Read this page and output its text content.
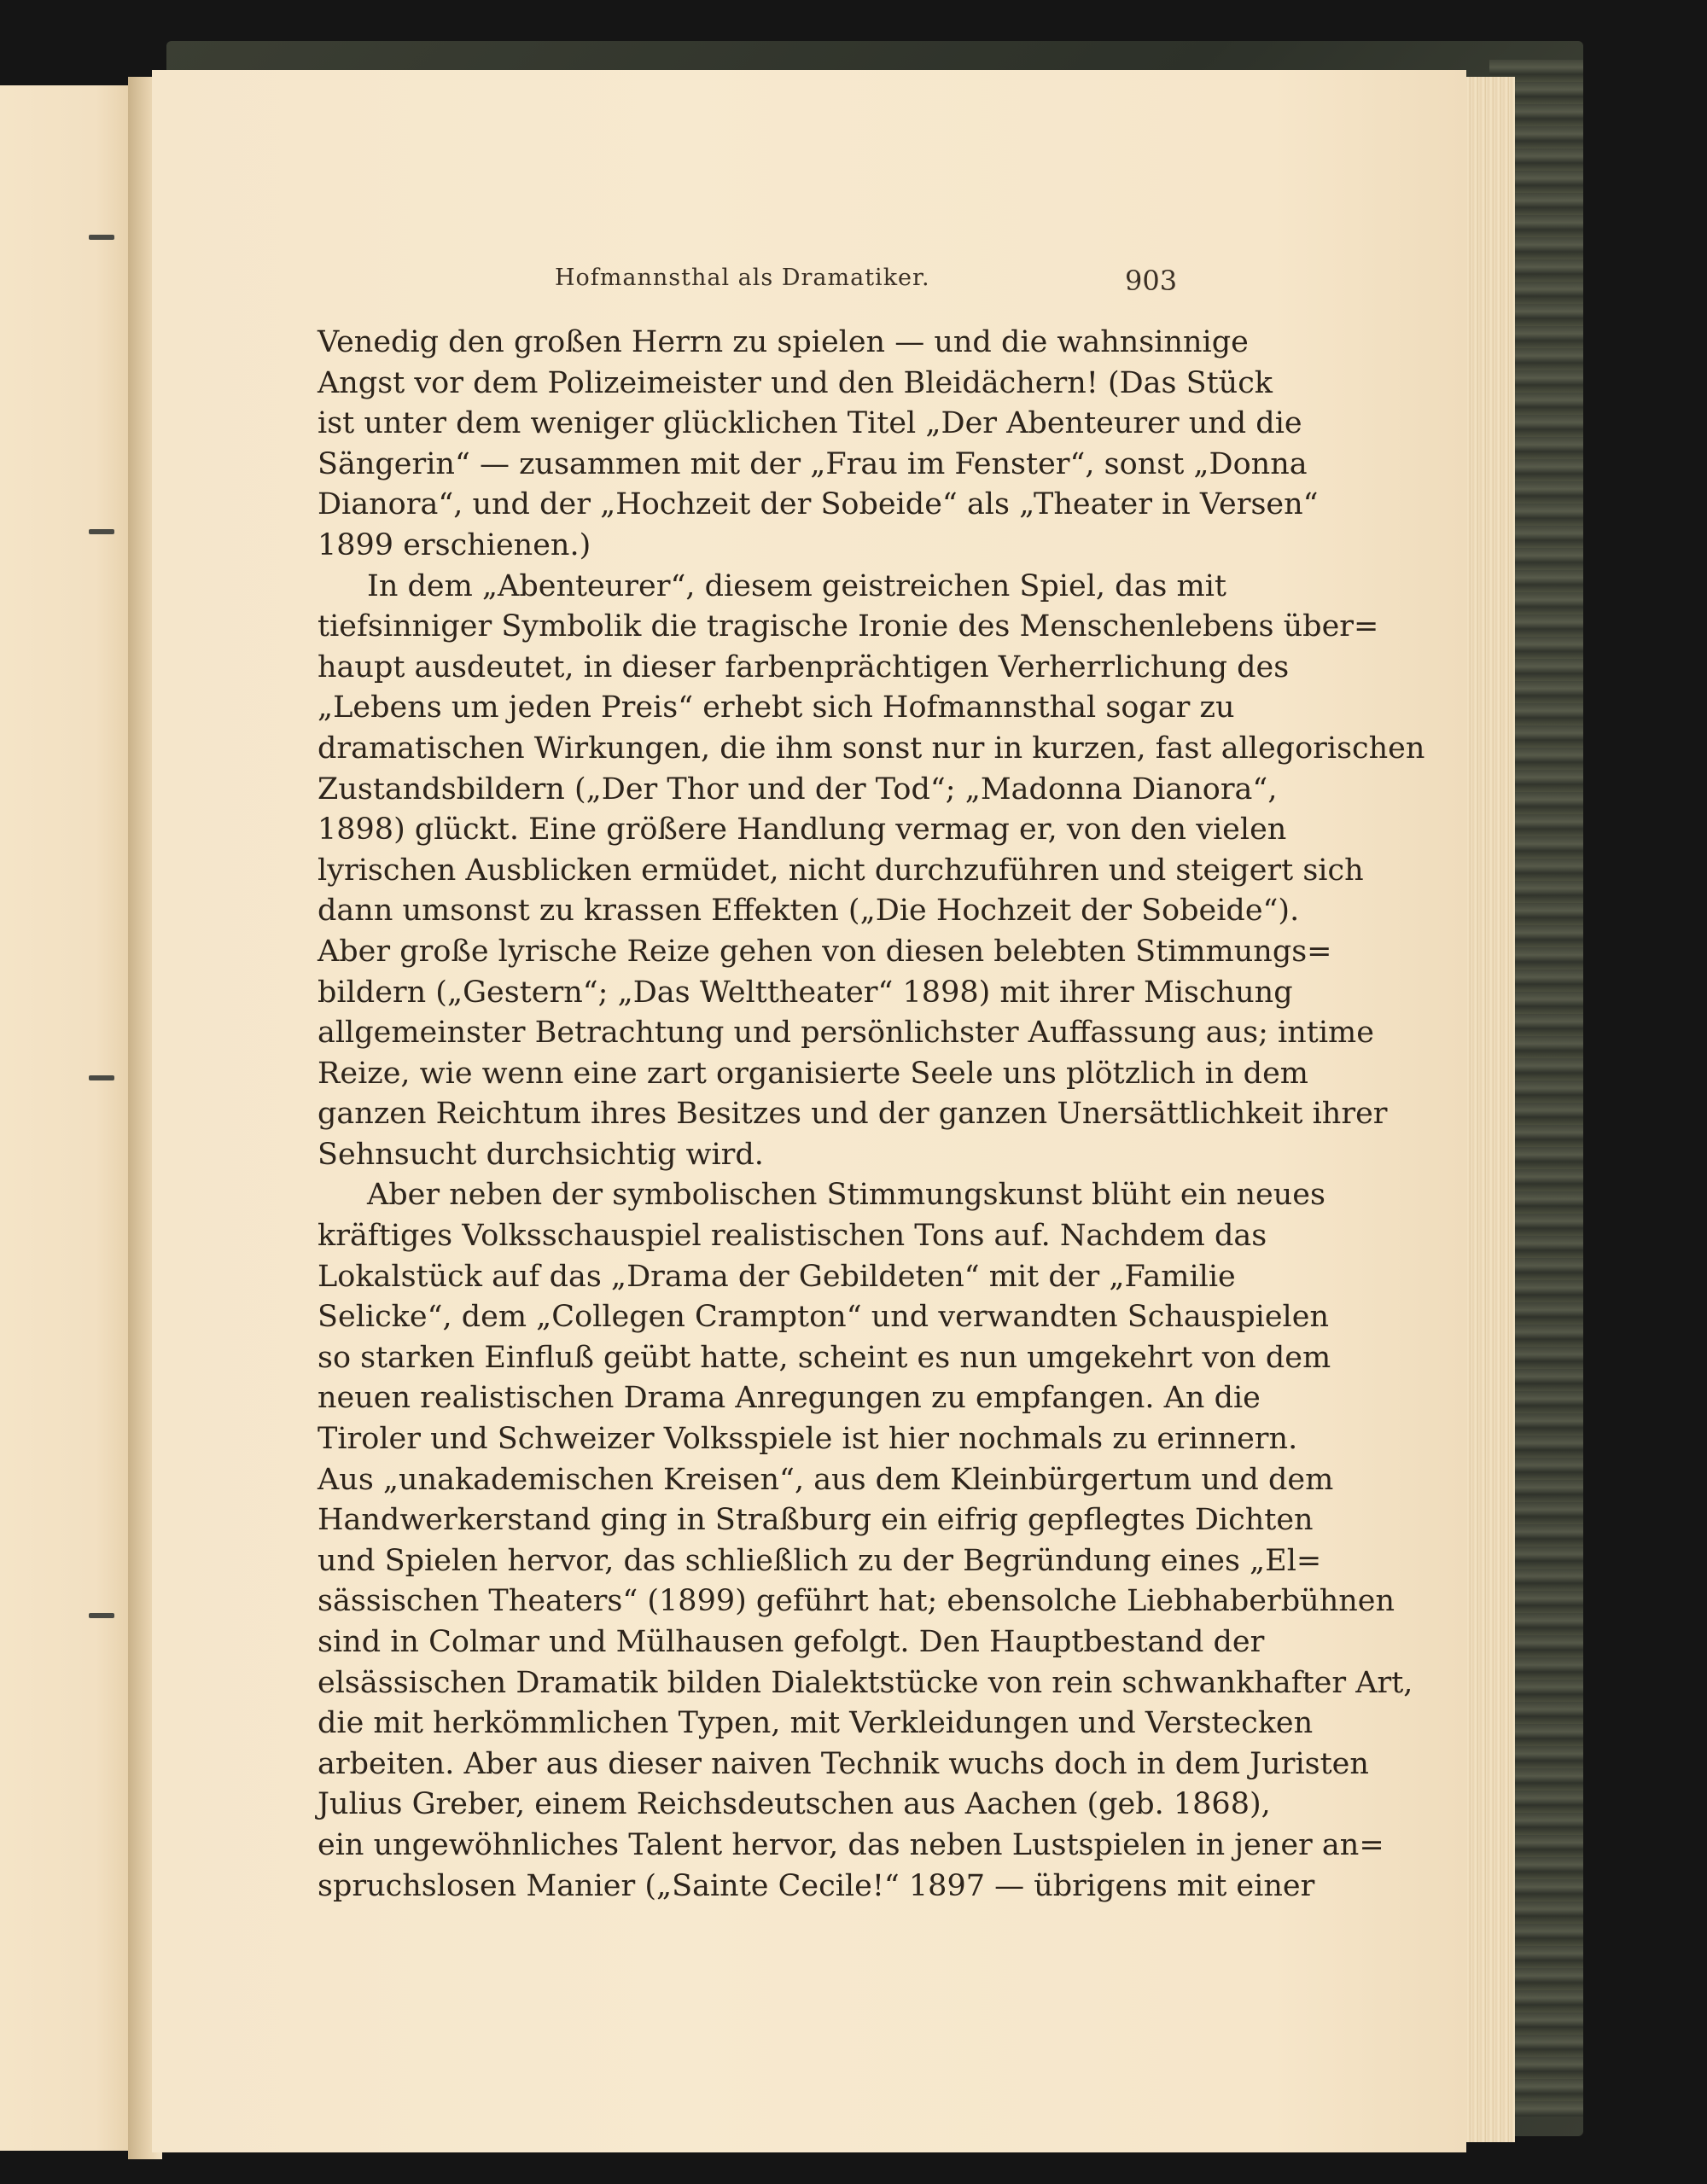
Hofmannsthal als Dramatiker.	903
Venedig den großen Herrn zu spielen — und die wahnsinnige
Angst vor dem Polizeimeister und den Bleidächern! (Das Stück
ist unter dem weniger glücklichen Titel „Der Abenteurer und die
Sängerin“ — zusammen mit der „Frau im Fenster“, sonst „Donna
Dianora“, und der „Hochzeit der Sobeide“ als „Theater in Versen“
1899 erschienen.)
In dem „Abenteurer“, diesem geistreichen Spiel, das mit
tiefsinniger Symbolik die tragische Ironie des Menschenlebens über=
haupt ausdeutet, in dieser farbenprächtigen Verherrlichung des
„Lebens um jeden Preis“ erhebt sich Hofmannsthal sogar zu
dramatischen Wirkungen, die ihm sonst nur in kurzen, fast allegorischen
Zustandsbildern („Der Thor und der Tod“; „Madonna Dianora“,
1898) glückt. Eine größere Handlung vermag er, von den vielen
lyrischen Ausblicken ermüdet, nicht durchzuführen und steigert sich
dann umsonst zu krassen Effekten („Die Hochzeit der Sobeide“).
Aber große lyrische Reize gehen von diesen belebten Stimmungs=
bildern („Gestern“; „Das Welttheater“ 1898) mit ihrer Mischung
allgemeinster Betrachtung und persönlichster Auffassung aus; intime
Reize, wie wenn eine zart organisierte Seele uns plötzlich in dem
ganzen Reichtum ihres Besitzes und der ganzen Unersättlichkeit ihrer
Sehnsucht durchsichtig wird.
Aber neben der symbolischen Stimmungskunst blüht ein neues
kräftiges Volksschauspiel realistischen Tons auf. Nachdem das
Lokalstück auf das „Drama der Gebildeten“ mit der „Familie
Selicke“, dem „Collegen Crampton“ und verwandten Schauspielen
so starken Einfluß geübt hatte, scheint es nun umgekehrt von dem
neuen realistischen Drama Anregungen zu empfangen. An die
Tiroler und Schweizer Volksspiele ist hier nochmals zu erinnern.
Aus „unakademischen Kreisen“, aus dem Kleinbürgertum und dem
Handwerkerstand ging in Straßburg ein eifrig gepflegtes Dichten
und Spielen hervor, das schließlich zu der Begründung eines „El=
sässischen Theaters“ (1899) geführt hat; ebensolche Liebhaberbühnen
sind in Colmar und Mülhausen gefolgt. Den Hauptbestand der
elsässischen Dramatik bilden Dialektstücke von rein schwankhafter Art,
die mit herkömmlichen Typen, mit Verkleidungen und Verstecken
arbeiten. Aber aus dieser naiven Technik wuchs doch in dem Juristen
Julius Greber, einem Reichsdeutschen aus Aachen (geb. 1868),
ein ungewöhnliches Talent hervor, das neben Lustspielen in jener an=
spruchslosen Manier („Sainte Cecile!“ 1897 — übrigens mit einer
